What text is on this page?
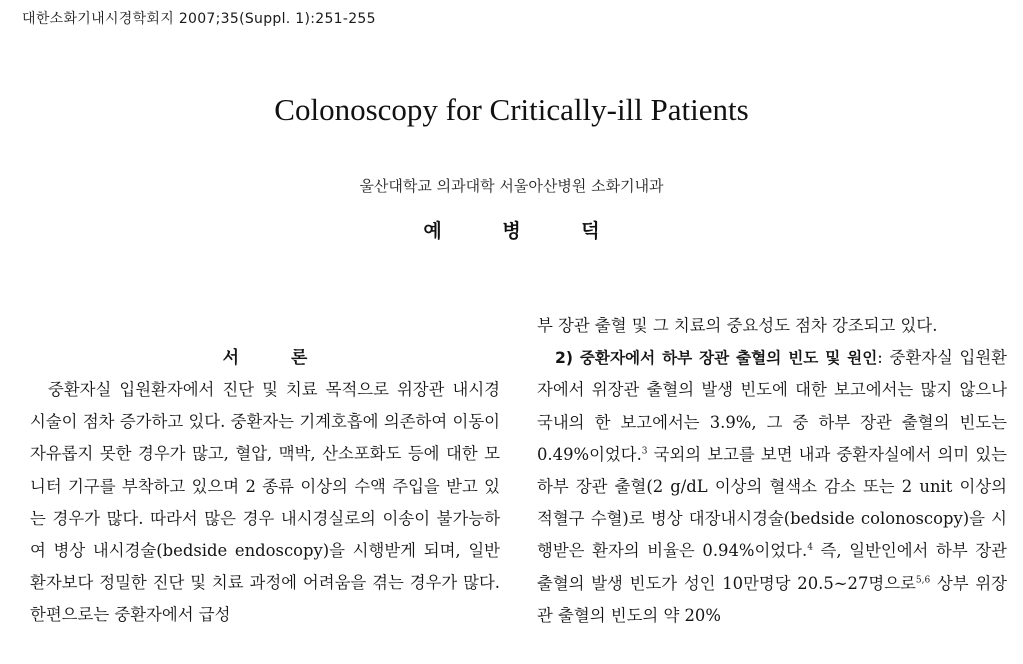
대한소화기내시경학회지 2007;35(Suppl. 1):251-255
Colonoscopy for Critically-ill Patients

울산대학교 의과대학 서울아산병원 소화기내과

예 병 덕

서 론

중환자실 입원환자에서 진단 및 치료 목적으로 위장관 내시경 시술이 점차 증가하고 있다. 중환자는 기계호흡에 의존하여 이동이 자유롭지 못한 경우가 많고, 혈압, 맥박, 산소포화도 등에 대한 모니터 기구를 부착하고 있으며 2 종류 이상의 수액 주입을 받고 있는 경우가 많다. 따라서 많은 경우 내시경실로의 이송이 불가능하여 병상 내시경술(bedside endoscopy)을 시행받게 되며, 일반 환자보다 정밀한 진단 및 치료 과정에 어려움을 겪는 경우가 많다. 한편으로는 중환자에서 급성

부 장관 출혈 및 그 치료의 중요성도 점차 강조되고 있다.

2) 중환자에서 하부 장관 출혈의 빈도 및 원인: 중환자실 입원환자에서 위장관 출혈의 발생 빈도에 대한 보고에서는 많지 않으나 국내의 한 보고에서는 3.9%, 그 중 하부 장관 출혈의 빈도는 0.49%이었다.$^3$ 국외의 보고를 보면 내과 중환자실에서 의미 있는 하부 장관 출혈(2 g/dL 이상의 혈색소 감소 또는 2 unit 이상의 적혈구 수혈)로 병상 대장내시경술(bedside colonoscopy)을 시행받은 환자의 비율은 0.94%이었다.$^4$ 즉, 일반인에서 하부 장관 출혈의 발생 빈도가 성인 10만명당 20.5∼27명으로$^{5,6}$ 상부 위장관 출혈의 빈도의 약 20%
